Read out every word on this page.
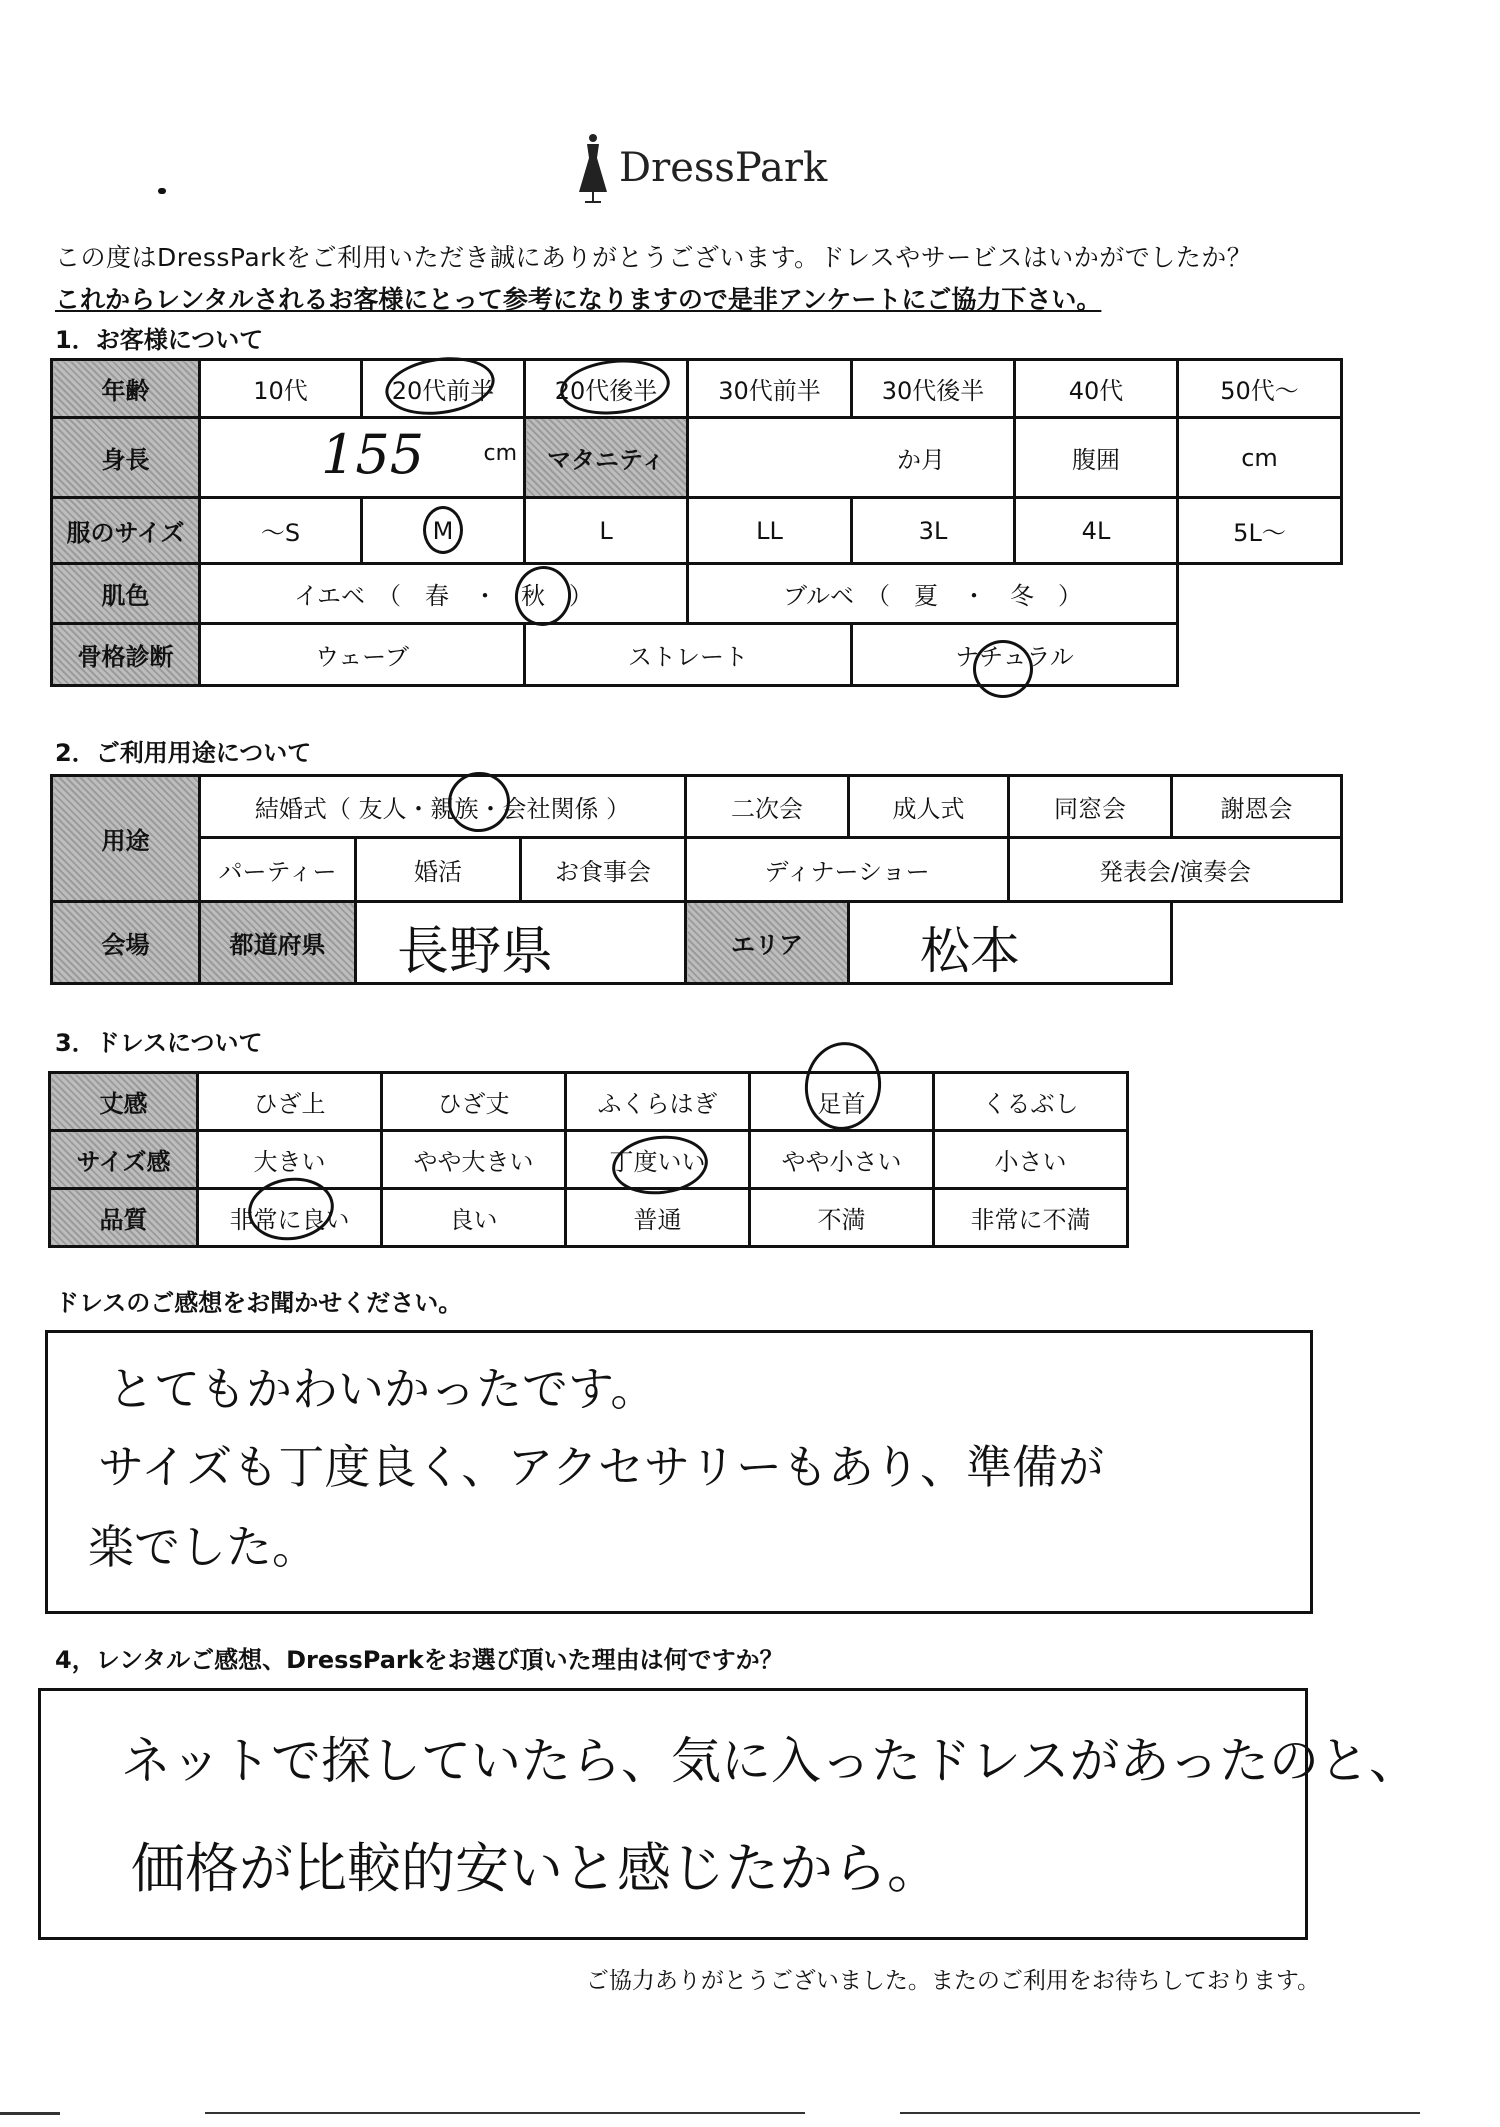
DressPark
この度はDressParkをご利用いただき誠にありがとうございます。ドレスやサービスはいかがでしたか？
これからレンタルされるお客様にとって参考になりますので是非アンケートにご協力下さい。
1．お客様について
年齢	10代	20代前半	20代後半	30代前半	30代後半	40代	50代～
身長	155 cm		マタニティ	か月		腹囲	cm
服のサイズ	～S	M	L	LL	3L	4L	5L～
肌色	イエベ　（　春　・　秋　）			ブルベ　（　夏　・　冬　）			
骨格診断	ウェーブ		ストレート		ナチュラル		
2．ご利用用途について
用途	結婚式（ 友人・親族・会社関係 ）			二次会	成人式	同窓会	謝恩会
	パーティー	婚活	お食事会	ディナーショー		発表会/演奏会	
会場	都道府県	長野県		エリア	松本		

3．ドレスについて
丈感	ひざ上	ひざ丈	ふくらはぎ	足首	くるぶし
サイズ感	大きい	やや大きい	丁度いい	やや小さい	小さい
品質	非常に良い	良い	普通	不満	非常に不満
ドレスのご感想をお聞かせください。
とてもかわいかったです。
サイズも丁度良く、アクセサリーもあり、準備が
楽でした。
4，レンタルご感想、DressParkをお選び頂いた理由は何ですか？
ネットで探していたら、気に入ったドレスがあったのと、
価格が比較的安いと感じたから。
ご協力ありがとうございました。またのご利用をお待ちしております。
